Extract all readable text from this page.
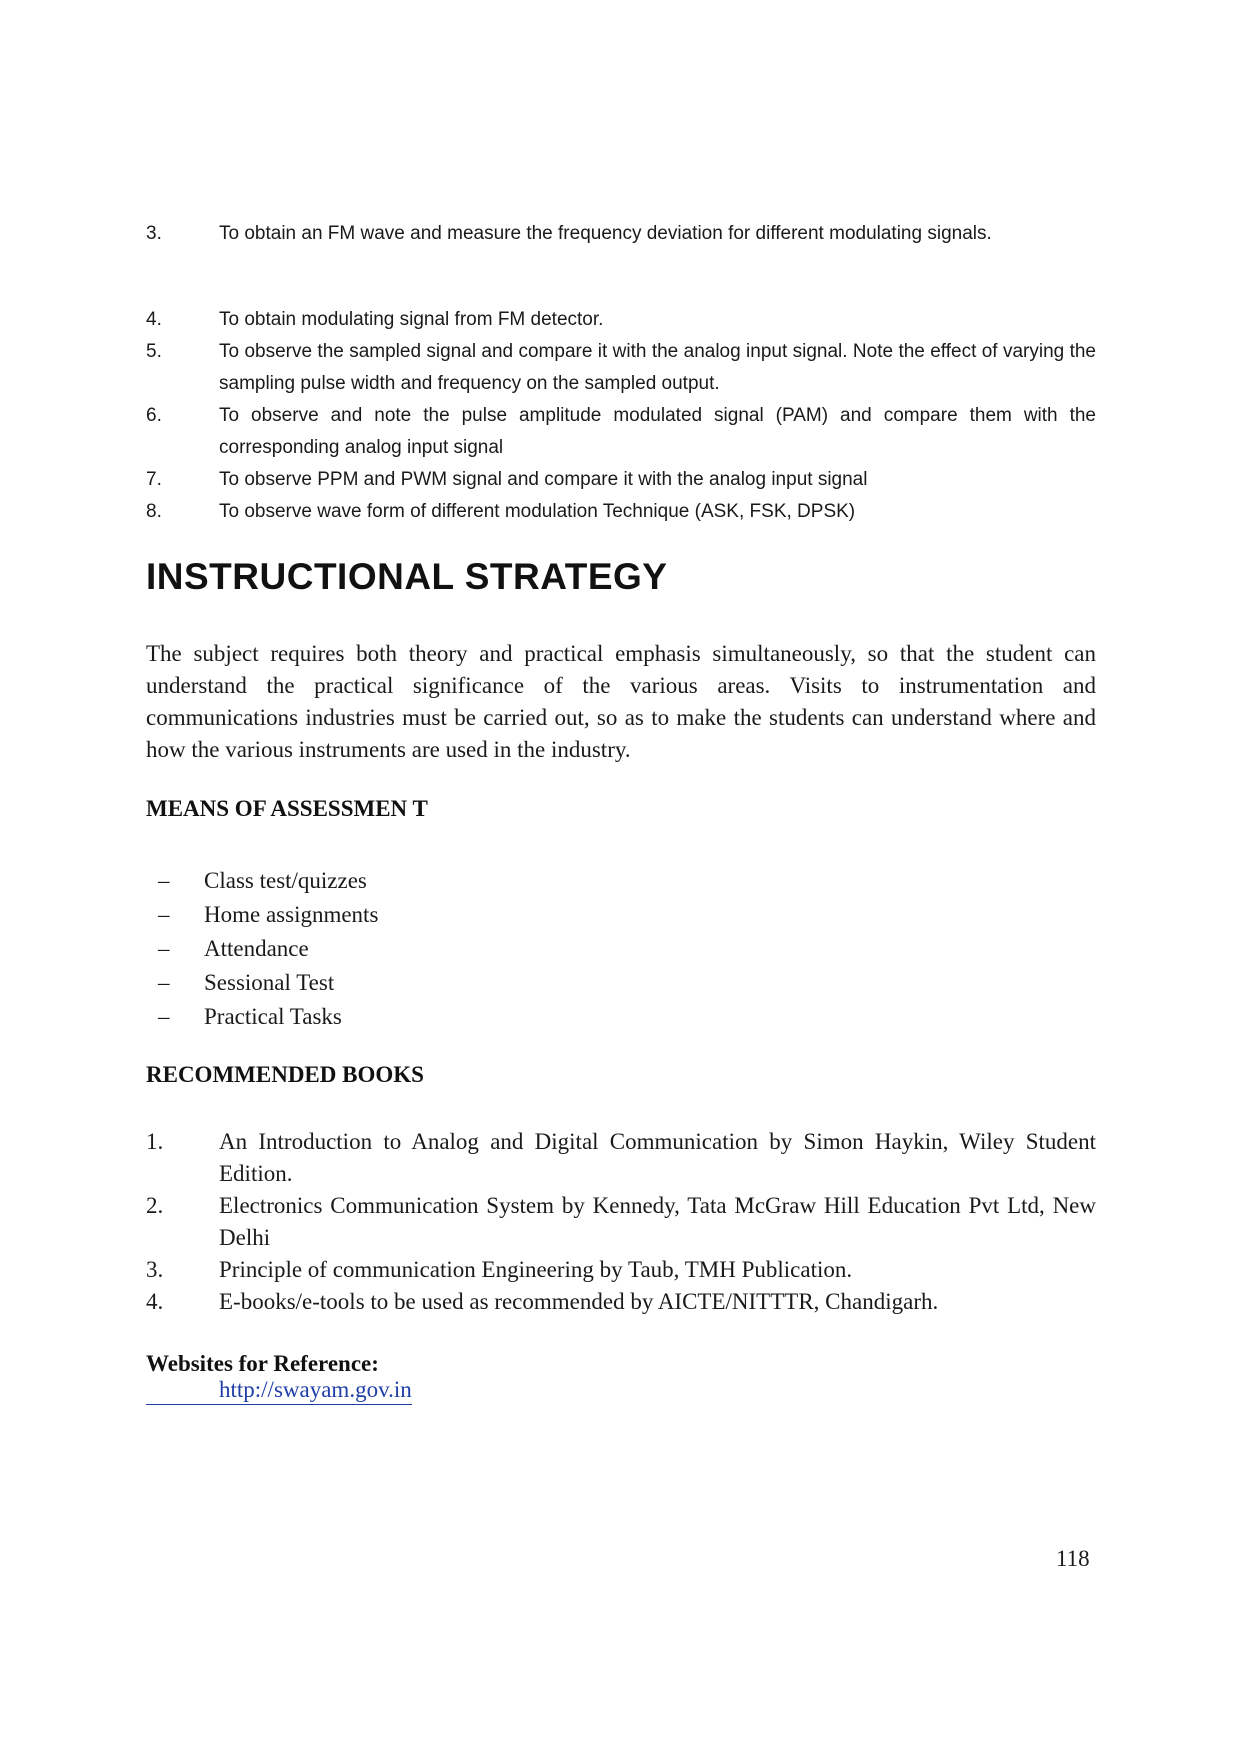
3.	To obtain an FM wave and measure the frequency deviation for different modulating signals.
4.	To obtain modulating signal from FM detector.
5.	To observe the sampled signal and compare it with the analog input signal. Note the effect of varying the sampling pulse width and frequency on the sampled output.
6.	To observe and note the pulse amplitude modulated signal (PAM) and compare them with the corresponding analog input signal
7.	To observe PPM and PWM signal and compare it with the analog input signal
8.	To observe wave form of different modulation Technique (ASK, FSK, DPSK)
INSTRUCTIONAL STRATEGY

The subject requires both theory and practical emphasis simultaneously, so that the student can understand the practical significance of the various areas. Visits to instrumentation and communications industries must be carried out, so as to make the students can understand where and how the various instruments are used in the industry.

MEANS OF ASSESSMEN T
–	Class test/quizzes
–	Home assignments
–	Attendance
–	Sessional Test
–	Practical Tasks
RECOMMENDED BOOKS
1.	An Introduction to Analog and Digital Communication by Simon Haykin, Wiley Student Edition.
2.	Electronics Communication System by Kennedy, Tata McGraw Hill Education Pvt Ltd, New Delhi
3.	Principle of communication Engineering by Taub, TMH Publication.
4.	E-books/e-tools to be used as recommended by AICTE/NITTTR, Chandigarh.

Websites for Reference:

http://swayam.gov.in
118
